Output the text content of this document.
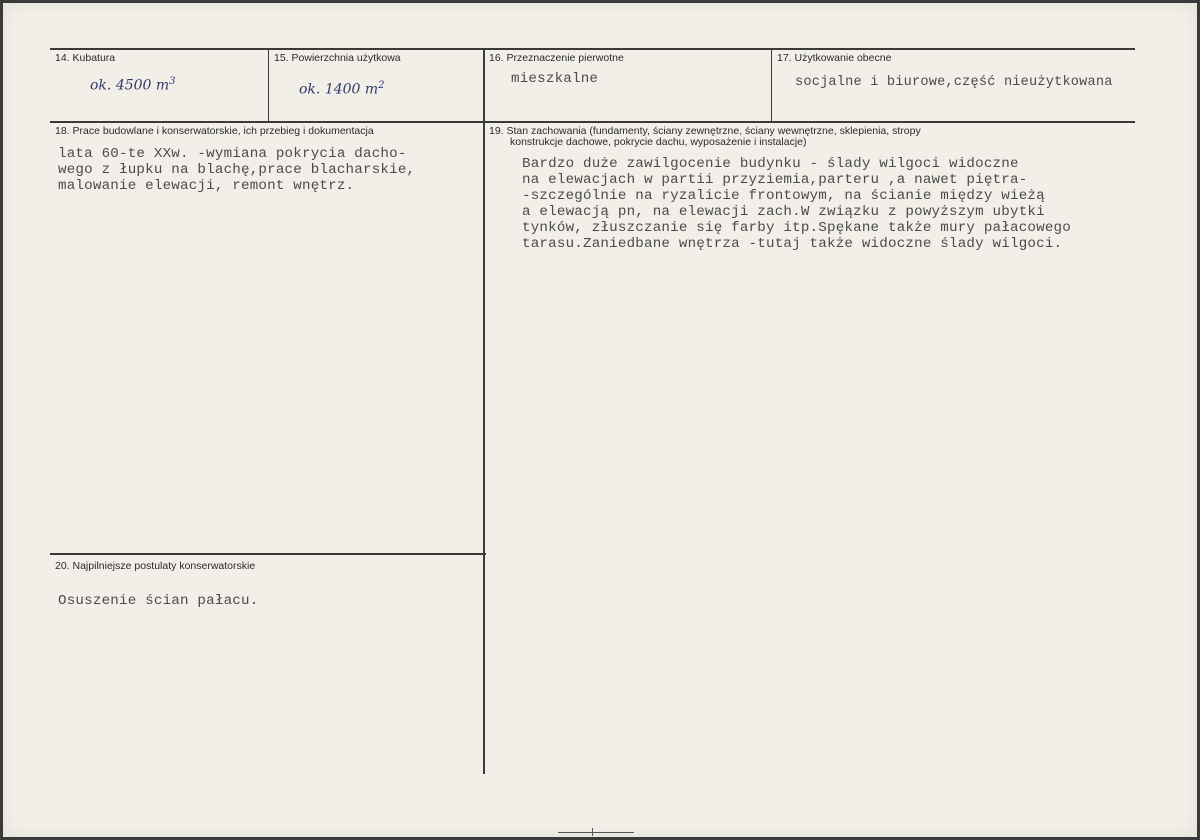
14. Kubatura
ok. 4500 $m^3$
15. Powierzchnia użytkowa
ok. 1400 $m^2$
16. Przeznaczenie pierwotne
mieszkalne
17. Użytkowanie obecne
socjalne i biurowe,część nieużytkowana
18. Prace budowlane i konserwatorskie, ich przebieg i dokumentacja
lata 60-te XXw. -wymiana pokrycia dacho-
wego z łupku na blachę,prace blacharskie,
malowanie elewacji, remont wnętrz.
19. Stan zachowania (fundamenty, ściany zewnętrzne, ściany wewnętrzne, sklepienia, stropy
konstrukcje dachowe, pokrycie dachu, wyposażenie i instalacje)
Bardzo duże zawilgocenie budynku - ślady wilgoci widoczne
na elewacjach w partii przyziemia,parteru ,a nawet piętra-
-szczególnie na ryzalicie frontowym, na ścianie między wieżą
a elewacją pn, na elewacji zach.W związku z powyższym ubytki
tynków, złuszczanie się farby itp.Spękane także mury pałacowego
tarasu.Zaniedbane wnętrza -tutaj także widoczne ślady wilgoci.
20. Najpilniejsze postulaty konserwatorskie
Osuszenie ścian pałacu.
